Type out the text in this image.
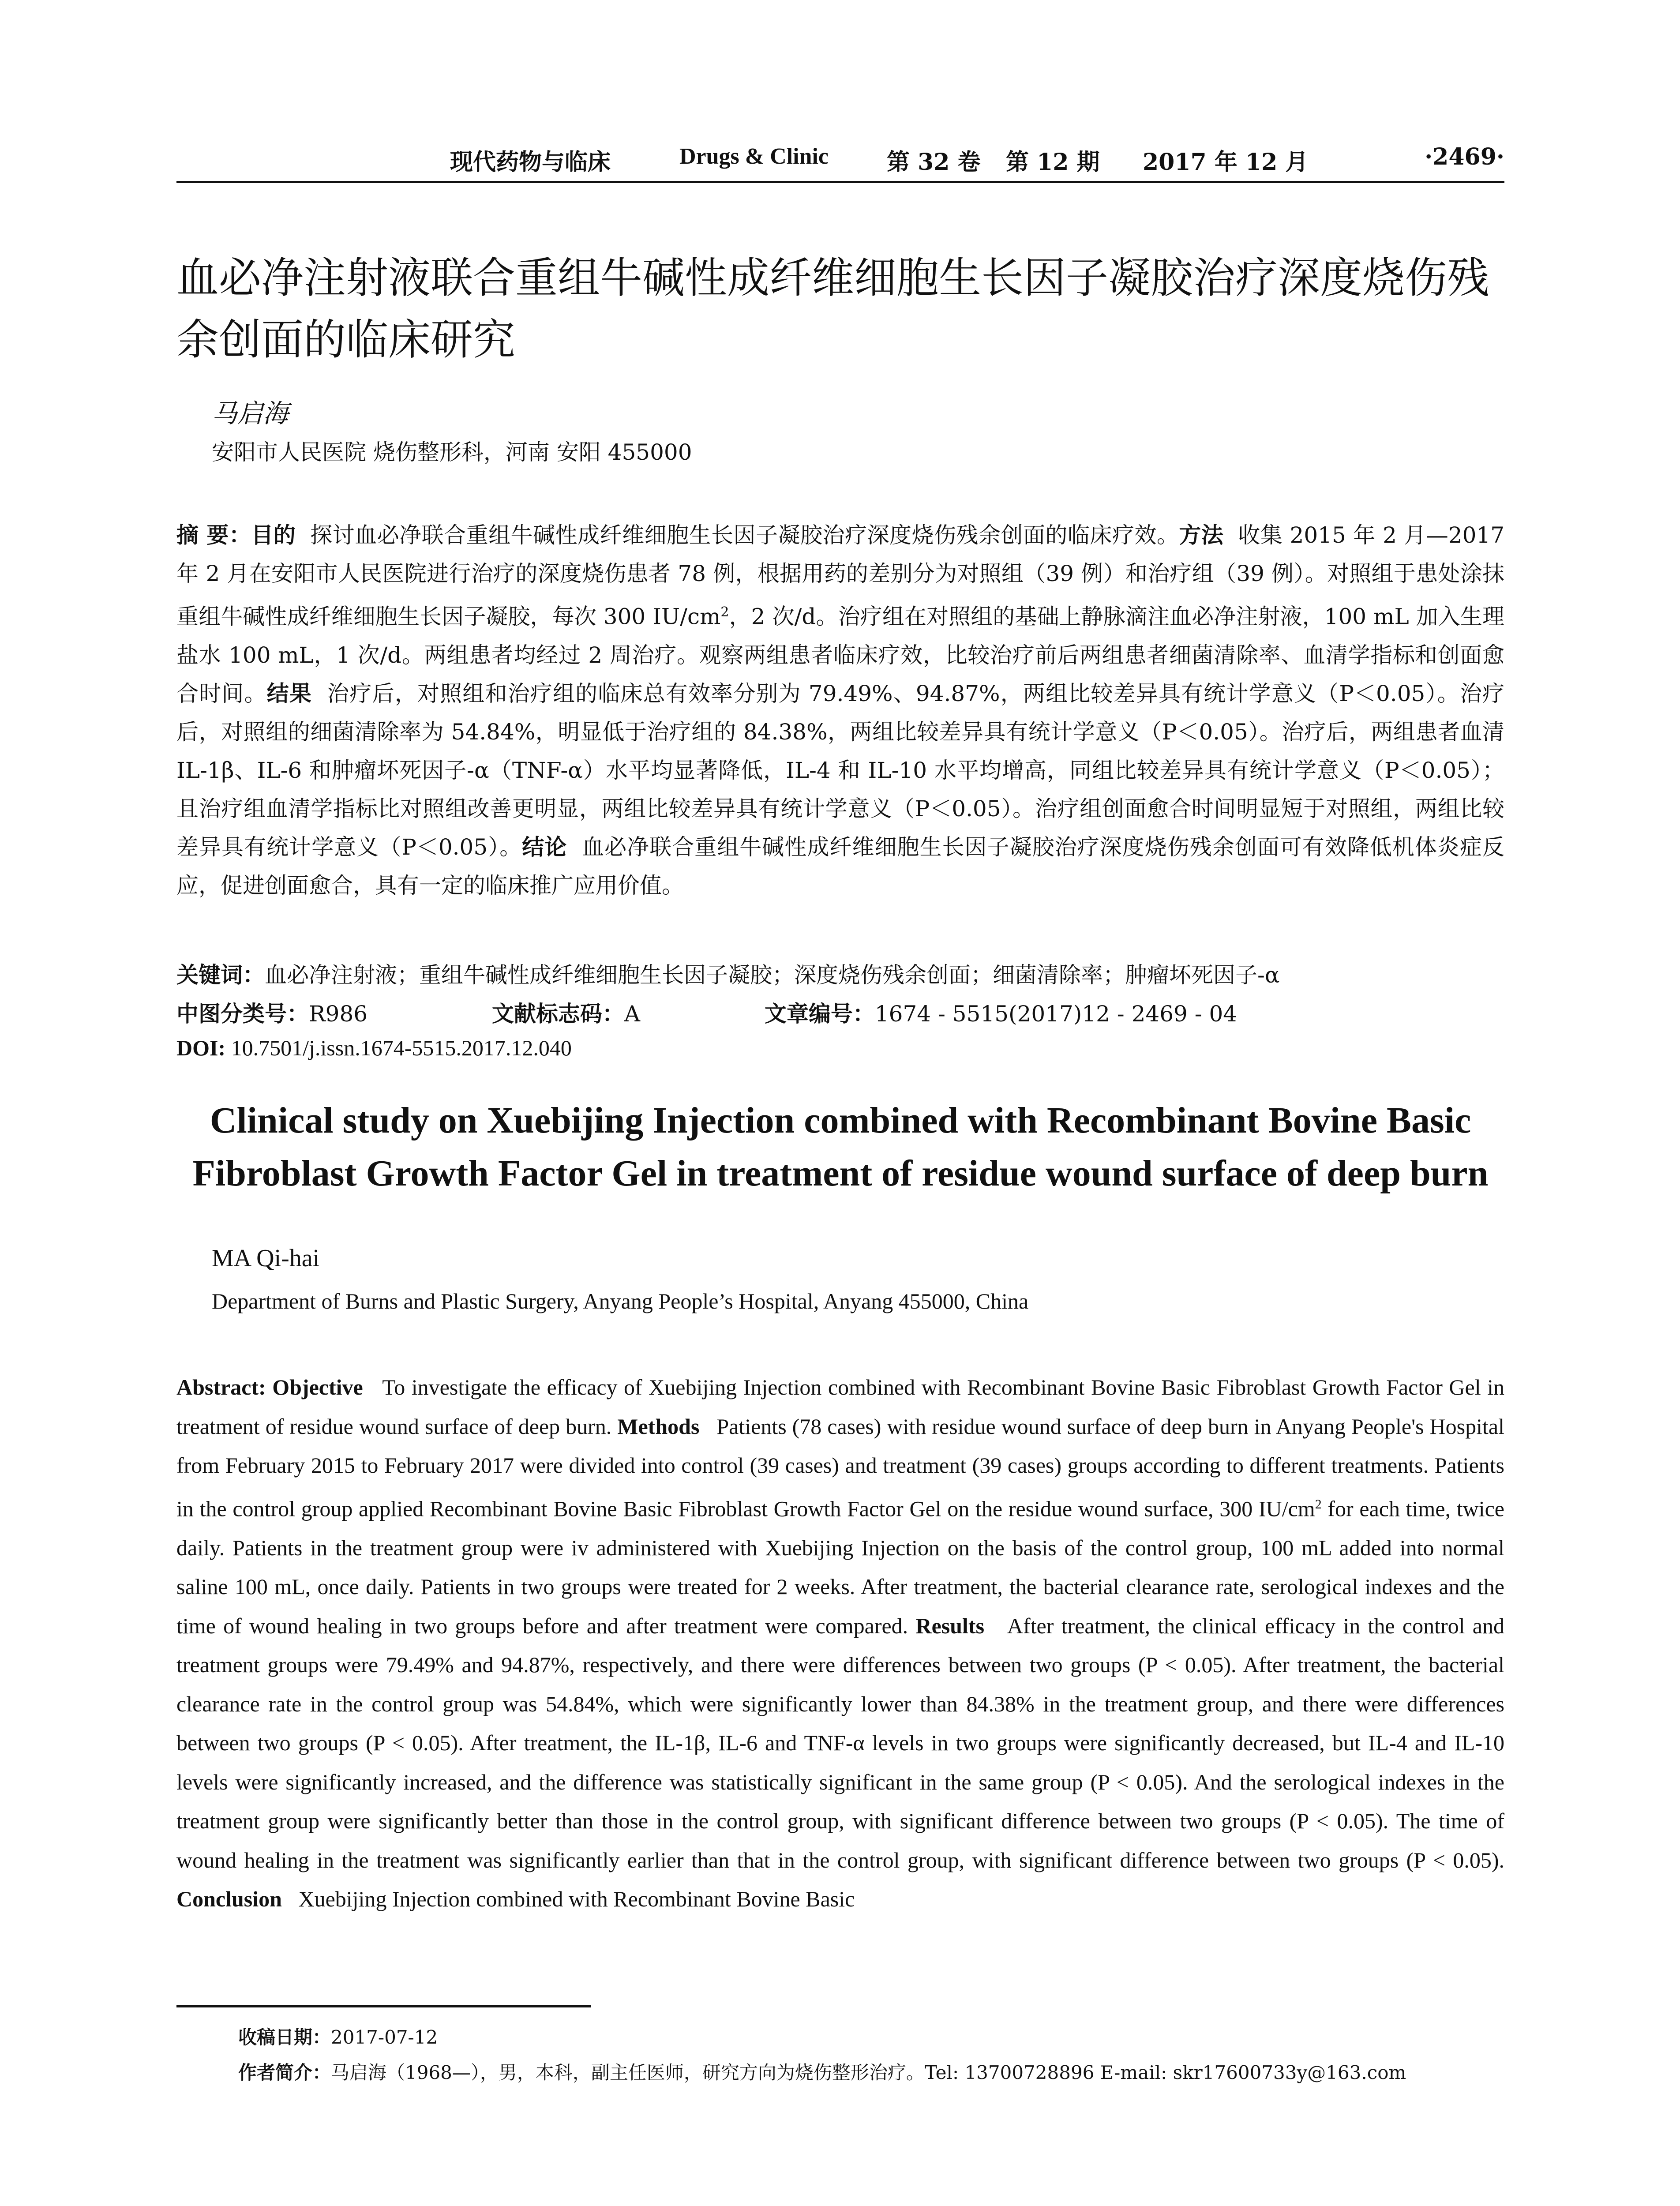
现代药物与临床	Drugs & Clinic	第 32 卷 第 12 期 2017 年 12 月	·2469·
血必净注射液联合重组牛碱性成纤维细胞生长因子凝胶治疗深度烧伤残余创面的临床研究
马启海
安阳市人民医院 烧伤整形科，河南 安阳 455000
摘 要：目的 探讨血必净联合重组牛碱性成纤维细胞生长因子凝胶治疗深度烧伤残余创面的临床疗效。方法 收集 2015 年 2 月—2017 年 2 月在安阳市人民医院进行治疗的深度烧伤患者 78 例，根据用药的差别分为对照组（39 例）和治疗组（39 例）。对照组于患处涂抹重组牛碱性成纤维细胞生长因子凝胶，每次 300 $IU/cm^2$，2 次/d。治疗组在对照组的基础上静脉滴注血必净注射液，100 mL 加入生理盐水 100 mL，1 次/d。两组患者均经过 2 周治疗。观察两组患者临床疗效，比较治疗前后两组患者细菌清除率、血清学指标和创面愈合时间。结果 治疗后，对照组和治疗组的临床总有效率分别为 79.49%、94.87%，两组比较差异具有统计学意义（P＜0.05）。治疗后，对照组的细菌清除率为 54.84%，明显低于治疗组的 84.38%，两组比较差异具有统计学意义（P＜0.05）。治疗后，两组患者血清 IL-1β、IL-6 和肿瘤坏死因子-α（TNF-α）水平均显著降低，IL-4 和 IL-10 水平均增高，同组比较差异具有统计学意义（P＜0.05）；且治疗组血清学指标比对照组改善更明显，两组比较差异具有统计学意义（P＜0.05）。治疗组创面愈合时间明显短于对照组，两组比较差异具有统计学意义（P＜0.05）。结论 血必净联合重组牛碱性成纤维细胞生长因子凝胶治疗深度烧伤残余创面可有效降低机体炎症反应，促进创面愈合，具有一定的临床推广应用价值。
关键词：血必净注射液；重组牛碱性成纤维细胞生长因子凝胶；深度烧伤残余创面；细菌清除率；肿瘤坏死因子-α
中图分类号：R986	文献标志码：A	文章编号：1674 - 5515(2017)12 - 2469 - 04
DOI: 10.7501/j.issn.1674-5515.2017.12.040
Clinical study on Xuebijing Injection combined with Recombinant Bovine Basic Fibroblast Growth Factor Gel in treatment of residue wound surface of deep burn
MA Qi-hai
Department of Burns and Plastic Surgery, Anyang People’s Hospital, Anyang 455000, China
Abstract: Objective To investigate the efficacy of Xuebijing Injection combined with Recombinant Bovine Basic Fibroblast Growth Factor Gel in treatment of residue wound surface of deep burn. Methods Patients (78 cases) with residue wound surface of deep burn in Anyang People's Hospital from February 2015 to February 2017 were divided into control (39 cases) and treatment (39 cases) groups according to different treatments. Patients in the control group applied Recombinant Bovine Basic Fibroblast Growth Factor Gel on the residue wound surface, 300 $IU/cm^2$ for each time, twice daily. Patients in the treatment group were iv administered with Xuebijing Injection on the basis of the control group, 100 mL added into normal saline 100 mL, once daily. Patients in two groups were treated for 2 weeks. After treatment, the bacterial clearance rate, serological indexes and the time of wound healing in two groups before and after treatment were compared. Results After treatment, the clinical efficacy in the control and treatment groups were 79.49% and 94.87%, respectively, and there were differences between two groups (P < 0.05). After treatment, the bacterial clearance rate in the control group was 54.84%, which were significantly lower than 84.38% in the treatment group, and there were differences between two groups (P < 0.05). After treatment, the IL-1β, IL-6 and TNF-α levels in two groups were significantly decreased, but IL-4 and IL-10 levels were significantly increased, and the difference was statistically significant in the same group (P < 0.05). And the serological indexes in the treatment group were significantly better than those in the control group, with significant difference between two groups (P < 0.05). The time of wound healing in the treatment was significantly earlier than that in the control group, with significant difference between two groups (P < 0.05). Conclusion Xuebijing Injection combined with Recombinant Bovine Basic
收稿日期：2017-07-12
作者简介：马启海（1968—），男，本科，副主任医师，研究方向为烧伤整形治疗。Tel: 13700728896 E-mail: skr17600733y@163.com
